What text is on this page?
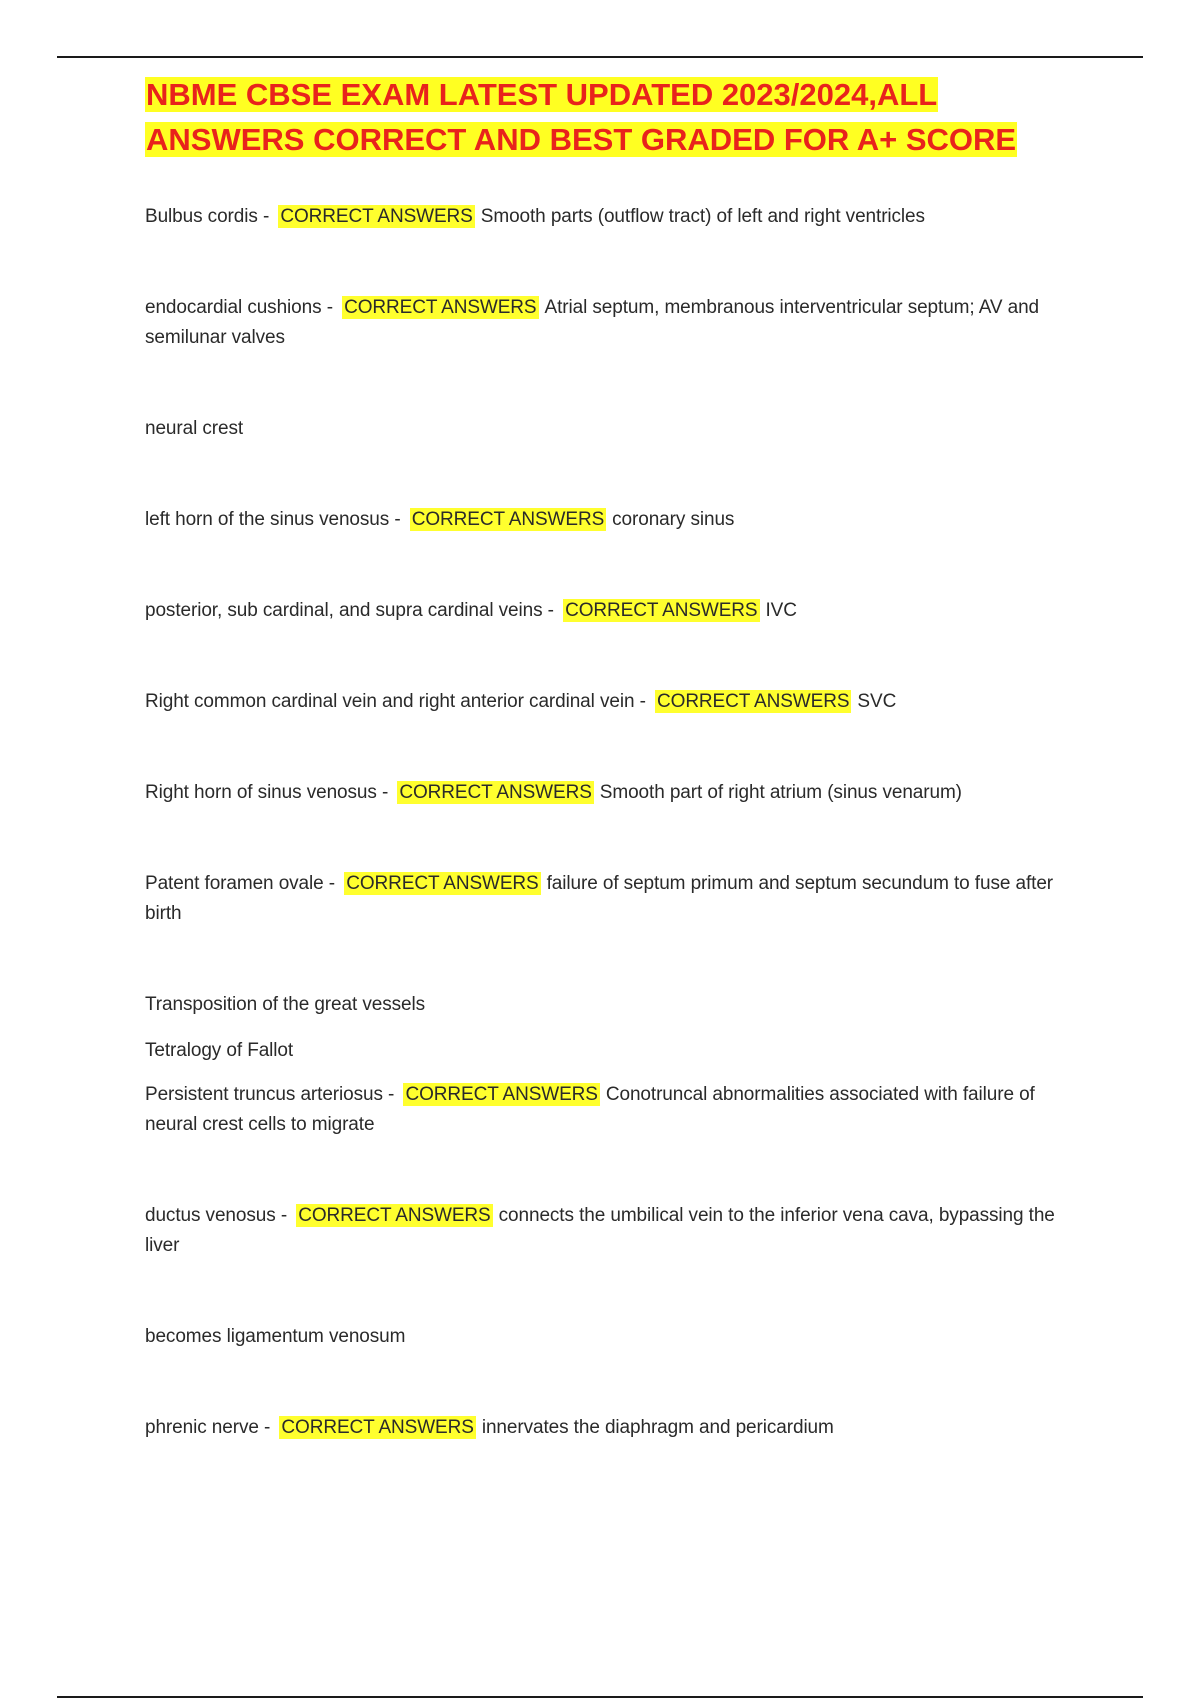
NBME CBSE EXAM LATEST UPDATED 2023/2024,ALL
ANSWERS CORRECT AND BEST GRADED FOR A+ SCORE
Bulbus cordis - CORRECT ANSWERS Smooth parts (outflow tract) of left and right ventricles
endocardial cushions - CORRECT ANSWERS Atrial septum, membranous interventricular septum; AV and semilunar valves
neural crest
left horn of the sinus venosus - CORRECT ANSWERS coronary sinus
posterior, sub cardinal, and supra cardinal veins - CORRECT ANSWERS IVC
Right common cardinal vein and right anterior cardinal vein - CORRECT ANSWERS SVC
Right horn of sinus venosus - CORRECT ANSWERS Smooth part of right atrium (sinus venarum)
Patent foramen ovale - CORRECT ANSWERS failure of septum primum and septum secundum to fuse after birth
Transposition of the great vessels
Tetralogy of Fallot
Persistent truncus arteriosus - CORRECT ANSWERS Conotruncal abnormalities associated with failure of neural crest cells to migrate
ductus venosus - CORRECT ANSWERS connects the umbilical vein to the inferior vena cava, bypassing the liver
becomes ligamentum venosum
phrenic nerve - CORRECT ANSWERS innervates the diaphragm and pericardium
